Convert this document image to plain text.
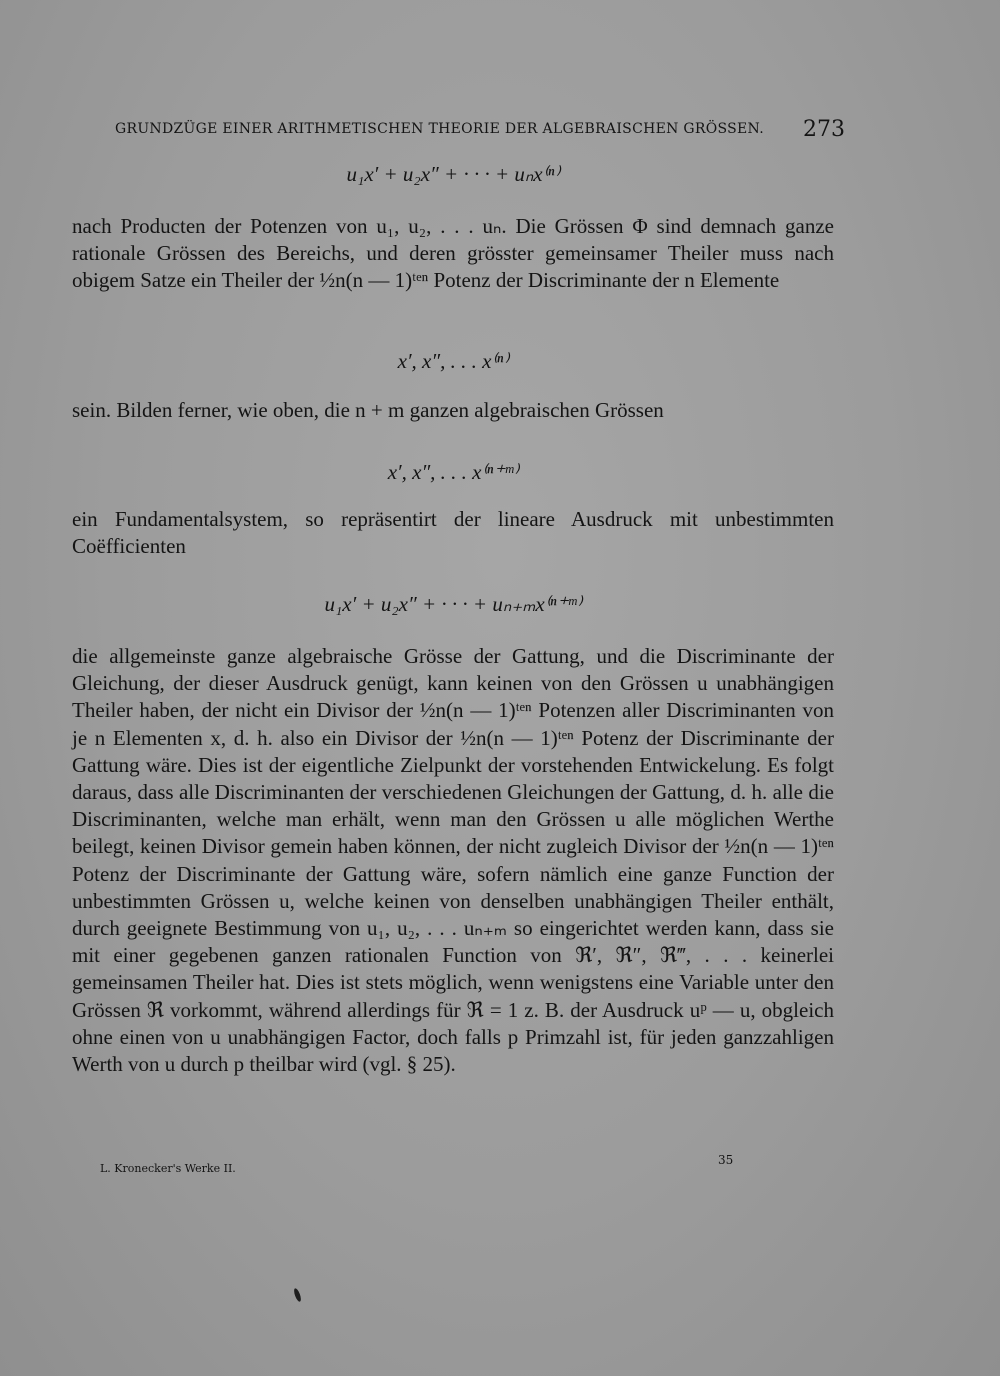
GRUNDZÜGE EINER ARITHMETISCHEN THEORIE DER ALGEBRAISCHEN GRÖSSEN. 273

u₁x′ + u₂x″ + · · · + uₙx⁽ⁿ⁾

nach Producten der Potenzen von u₁, u₂, . . . uₙ. Die Grössen Φ sind demnach ganze rationale Grössen des Bereichs, und deren grösster gemeinsamer Theiler muss nach obigem Satze ein Theiler der ½n(n — 1)ᵗᵉⁿ Potenz der Discriminante der n Elemente

x′, x″, . . . x⁽ⁿ⁾

sein. Bilden ferner, wie oben, die n + m ganzen algebraischen Grössen

x′, x″, . . . x⁽ⁿ⁺ᵐ⁾

ein Fundamentalsystem, so repräsentirt der lineare Ausdruck mit unbestimmten Coëfficienten

u₁x′ + u₂x″ + · · · + uₙ₊ₘx⁽ⁿ⁺ᵐ⁾

die allgemeinste ganze algebraische Grösse der Gattung, und die Discriminante der Gleichung, der dieser Ausdruck genügt, kann keinen von den Grössen u unabhängigen Theiler haben, der nicht ein Divisor der ½n(n — 1)ᵗᵉⁿ Potenzen aller Discriminanten von je n Elementen x, d. h. also ein Divisor der ½n(n — 1)ᵗᵉⁿ Potenz der Discriminante der Gattung wäre. Dies ist der eigentliche Zielpunkt der vorstehenden Entwickelung. Es folgt daraus, dass alle Discriminanten der verschiedenen Gleichungen der Gattung, d. h. alle die Discriminanten, welche man erhält, wenn man den Grössen u alle möglichen Werthe beilegt, keinen Divisor gemein haben können, der nicht zugleich Divisor der ½n(n — 1)ᵗᵉⁿ Potenz der Discriminante der Gattung wäre, sofern nämlich eine ganze Function der unbestimmten Grössen u, welche keinen von denselben unabhängigen Theiler enthält, durch geeignete Bestimmung von u₁, u₂, . . . uₙ₊ₘ so eingerichtet werden kann, dass sie mit einer gegebenen ganzen rationalen Function von ℜ′, ℜ″, ℜ‴, . . . keinerlei gemeinsamen Theiler hat. Dies ist stets möglich, wenn wenigstens eine Variable unter den Grössen ℜ vorkommt, während allerdings für ℜ = 1 z. B. der Ausdruck uᵖ — u, obgleich ohne einen von u unabhängigen Factor, doch falls p Primzahl ist, für jeden ganzzahligen Werth von u durch p theilbar wird (vgl. § 25).

L. Kronecker's Werke II.
35
